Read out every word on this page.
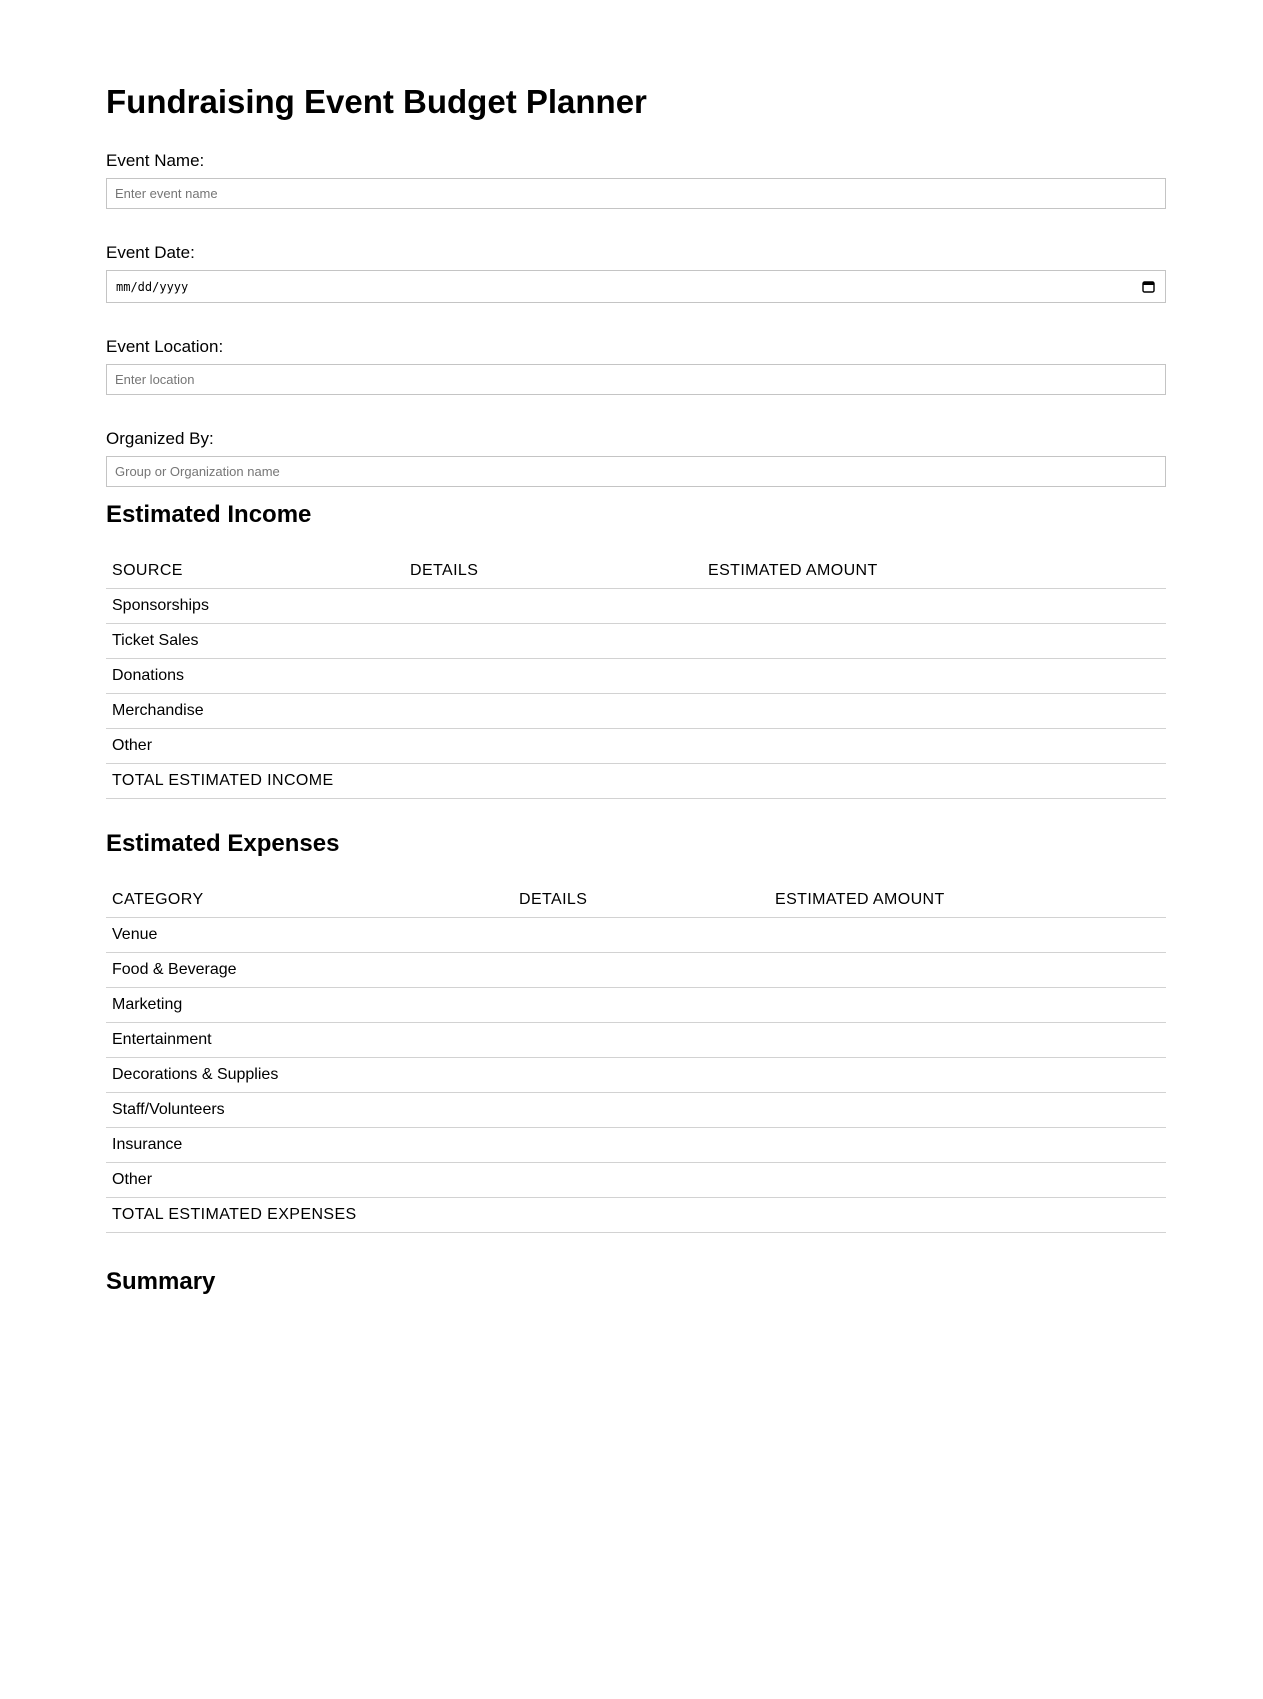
Fundraising Event Budget Planner
Event Name:
Enter event name
Event Date:
mm/dd/yyyy
Event Location:
Enter location
Organized By:
Group or Organization name
Estimated Income
SOURCE	DETAILS	ESTIMATED AMOUNT
Sponsorships		
Ticket Sales		
Donations		
Merchandise		
Other		
TOTAL ESTIMATED INCOME		
Estimated Expenses
CATEGORY	DETAILS	ESTIMATED AMOUNT
Venue		
Food & Beverage		
Marketing		
Entertainment		
Decorations & Supplies		
Staff/Volunteers		
Insurance		
Other		
TOTAL ESTIMATED EXPENSES		
Summary
